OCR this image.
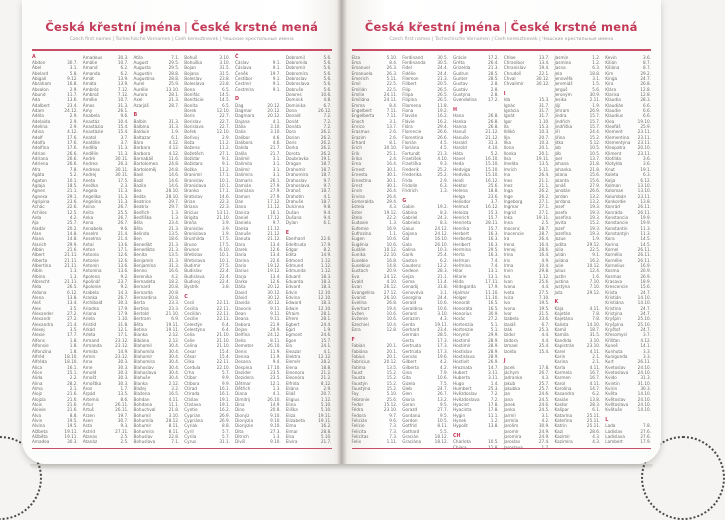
Česká křestní jména | České krstné mená
Czech first names | Tschechische Vornamen | Cseh keresztnevek | Чешские крестильные имена
A
Abdon	30.7.
Ábel	3.1.
Abelard	5.8.
Abigail	9.12.
Abraham	16.8.
Absolon	2.9.
Abund	11.7.
Ada	13.6.
Adalbert	23.4.
Adam	24.12.
Adéla	2.9.
Adelaida	2.9.
Adelína	2.9.
Adina	4.12.
Adolf	17.6.
Adolfa	17.6.
Adolfína	17.6.
Adrian	26.6.
Adriana	26.6.
Adriena	26.6.
Afra	7.8.
Agáta	5.2.
Agaton	10.1.
Aglaja	18.5.
Agnes	21.1.
Agnesa	29.1.
Agripina	23.6.
Achác	22.6.
Achiles	12.5.
Aida	4.2.
Aja	25.7.
Aladár	20.2.
Alan	14.8.
Alana	14.8.
Alarich	29.9.
Albán	21.6.
Albert	21.11.
Alberta	21.11.
Albertína	21.11.
Albín	1.3.
Albína	1.3.
Albrecht	21.11.
Alda	26.5.
Aldona	6.12.
Alena	13.8.
Aleš	13.4.
Alex	3.5.
Alexander	27.2.
Alexandr	27.2.
Alexandra	21.4.
Alexej	3.5.
Alexie	17.7.
Alfons	1.8.
Alfonsie	1.8.
Alfonzína	1.8.
Alfréd	18.10.
Alfréda	18.10.
Alica	16.1.
Alice	15.1.
Alida	2.2.
Alina	28.2.
Alma	2.1.
Alojz	21.6.
Alojzia	21.6.
Alois	21.6.
Aloisie	21.6.
Alva	8.8.
Alvin	19.5.
Alvína	19.5.
Alžbeta	19.11.
Alžběta	19.11.
Amadea	30.3.
Amadeus	30.3.
Amálie	10.7.
Amand	6.2.
Amanda	6.2.
Amát	13.9.
Amáta	13.9.
Ambróz	7.12.
Ambrož	7.12.
Amélie	10.7.
Ámos	31.3.
Amy	26.1.
Anabela	9.6.
Anastáz	10.4.
Anastázia	15.4.
Anastázie	15.4.
Anatol	3.7.
Anatólie	3.7.
Anděla	11.3.
Andělín	11.3.
André	30.11.
Andrea	26.3.
Andreas	30.11.
Andrej	30.11.
Aneta	17.5.
Anežka	2.3.
Angela	11.3.
Angelika	11.3.
Angelina	11.3.
Anina	26.7.
Anita	25.5.
Anka	26.7.
Anna	26.7.
Annabela	9.6.
Anselm	21.4.
Anselma	21.4.
Antal	13.6.
Anton	17.1.
Antonia	12.6.
Antonie	12.6.
Antonín	13.6.
Antonína	13.6.
Apolena	9.2.
Apolinář	23.7.
Apolonie	9.2.
Arabela	14.3.
Aranka	26.7.
Archibald	30.3.
Ariadna	17.9.
Ariana	17.9.
Ariela	1.10.
Aristid	31.8.
Arkád	12.1.
Arleta	17.1.
Armand	23.12.
Armanda	23.12.
Armida	14.9.
Armin	23.12.
Arna	30.3.
Arne	30.3.
Arnold	30.3.
Arnošt	30.3.
Arnoštka	30.3.
Áron	1.7.
Árpád	13.5.
Artemis	8.6.
Artur	26.11.
Artuš	26.11.
Arzen	19.7.
Asen	30.7.
Asta	9.3.
Astrid	27.11.
Atanas	2.5.
Atanáz	2.5.
Atila	7.1.
August	29.5.
Augusta	29.5.
Augustín	28.8.
Augustína	28.8.
Aurel	25.9.
Aurélie	13.10.
Aurora	28.1.
Axel	21.3.
Azarjáš	28.7.
B
Balbín	31.3.
Balbína	31.3.
Balduin	1.9.
Baltazar	6.1.
Bára	4.12.
Barbara	4.12.
Barbora	4.12.
Barnabáš	11.6.
Bartolomea	24.8.
Bartoloměj	24.8.
Basil	14.6.
Bazil	14.6.
Bazila	14.6.
Bea	28.10.
Beáta	28.10.
Beatrice	29.7.
Beatrix	29.7.
Bedřich	1.3.
Bedřiška	1.3.
Béla	23.4.
Běla	21.3.
Belinda	13.5.
Ben	18.6.
Benedikt	21.3.
Benedikta	21.3.
Benita	13.5.
Benjamín	31.3.
Benjamína	31.3.
Benno	16.6.
Berenika	4.2.
Bernadeta	18.2.
Bernard	20.8.
Bernarda	20.8.
Bernardina	20.8.
Berta	23.3.
Bertína	23.3.
Bertold	21.10.
Bertram	6.9.
Běta	19.11.
Betina	19.11.
Bianka	2.12.
Bibiána	2.12.
Blahomil	30.4.
Blahomila	30.4.
Blahomír	30.4.
Blahomíra	30.4.
Blahoslav	30.4.
Blahoslava	30.4.
Blahuše	30.4.
Blanka	2.12.
Blažej	3.2.
Blažena	16.5.
Bohdan	4.11.
Bohdana	11.1.
Bohuchval	21.8.
Bohumil	3.10.
Bohumila	28.12.
Bohumír	8.11.
Bohumíra	8.11.
Bohuslav	22.8.
Bohuslava	7.1.
Bohuš	3.10.
Bohuška	3.10.
Bojan	31.5.
Bojana	31.5.
Boleslav	23.8.
Boleslava	23.8.
Bona	6.5.
Bonifác	14.5.
Bonifácie	14.5.
Bonita	6.5.
Borek	12.10.
Boris	22.7.
Borislav	22.7.
Borislava	22.7.
Bořek	12.10.
Bořivoj	2.9.
Boža	11.2.
Božena	11.2.
Božetěch	27.1.
Božidar	9.1.
Božidara	9.1.
Božka	11.2.
Branimír	17.1.
Branislav	10.1.
Branislava	10.1.
Branko	17.1.
Bratislav	14.6.
Brian	22.3.
Briana	22.3.
Bricius	13.11.
Brigita	21.10.
Broňa	3.9.
Bronislav	3.9.
Bronislava	1.9.
Brunhilda	17.5.
Bruno	17.5.
Brunon	6.10.
Břetislav	10.1.
Břetislava	10.1.
Budimír	27.5.
Budislav	22.4.
Budislava	22.4.
Budivoj	22.4.
Bystrík	3.8.
C
Cecil	22.11.
Cecilia	22.11.
Cecilián	22.11.
Cecílie	22.11.
Celestýn	6.4.
Celestýna	6.4.
Celia	21.10.
Celie	21.10.
Celina	21.10.
Cesar	15.4.
César	15.4.
Cilka	22.11.
Cordula	22.10.
Crha	5.7.
Ctibor	9.9.
Ctibora	9.9.
Ctirad	16.1.
Ctirada	16.1.
Ctislav	19.1.
Ctislava	19.1.
Cyntie	16.2.
Cyprián	26.9.
Cypriána	26.9.
Cyriak	8.8.
Cyril	5.7.
Cyrila	5.7.
Cyrus	31.1.
Č
Čáslav	9.1.
Čáslava	9.1.
Čeněk	19.7.
Čestibor	9.1.
Čestmír	9.1.
Čestmíra	9.1.
D
Dag	20.12.
Dagmar	20.12.
Dagmara	20.12.
Dajana	4.1.
Dália	3.10.
Dalia	3.10.
Dalibor	4.6.
Dalibora	4.6.
Dalida	21.7.
Dalila	21.7.
Dalimil	3.1.
Dalimila	3.1.
Dalimír	3.1.
Dalimíra	3.1.
Damaris	26.1.
Damián	27.9.
Damiána	27.9.
Damon	27.9.
Dan	17.12.
Dana	11.12.
Danica	16.1.
Daniel	17.12.
Daniela	9.7.
Danka	11.12.
Danuše	21.12.
Danuta	21.12.
Dara	13.4.
Darek	12.6.
Daria	13.4.
Darina	22.6.
Dario	19.12.
Darius	19.12.
Darja	13.4.
Darko	12.6.
Dáša	20.12.
David	30.12.
Dávid	30.12.
Davida	30.12.
Davorin	9.11.
Dean	9.11.
Deana	9.11.
Debora	21.9.
Dejan	24.9.
Delfína	24.12.
Delia	8.11.
Demeter	26.10.
Denis	11.9.
Denisa	11.9.
Desana	9.4.
Despina	17.10.
Dezider	23.5.
Dezidera	23.5.
Dětmar	12.1.
Dětřich	1.3.
Diana	4.1.
Dimitrij	26.10.
Dina	14.9.
Dino	20.8.
Dionýz	9.10.
Dionýzia	9.10.
Dionýzie	9.10.
Dita	27.3.
Ditrich	1.3.
Diviš	9.10.
Dobromil	5.6.
Dobromila	5.6.
Dobromír	5.6.
Dobromíra	5.6.
Dobroslav	5.6.
Dobroslava	5.6.
Dobruše	5.6.
Dolores	10.6.
Dominik	4.8.
Dominika	6.7.
Dona	26.12.
Donald	7.2.
Donát	7.2.
Donáta	7.2.
Dora	26.2.
Dorian	26.2.
Doris	26.2.
Dorka	26.2.
Dorota	26.2.
Doubravka	19.1.
Dragan	18.7.
Drahomír	18.7.
Drahomíra	18.7.
Drahoslav	9.7.
Drahoslava	9.7.
Drahoš	18.7.
Drahotín	4.1.
Drahuše	18.7.
Dulcinea	9.8.
Dušan	9.4.
Dušana	9.4.
Dylan	6.1.
E
Eberhard	22.6.
Edeltruda	17.9.
Edgar	8.2.
Edita	14.9.
Edmond	1.12.
Edmund	1.12.
Edmunda	1.12.
Eduard	18.3.
Eduarda	18.3.
Edvard	18.3.
Edvin	12.10.
Edvína	12.10.
Edward	18.3.
Edwin	12.10.
Efraim	28.1.
Efrem	28.1.
Egbert	24.4.
Egid	1.9.
Egmont	24.6.
Egon	15.7.
Ela	24.1.
Eleazar	4.1.
Elektra	12.12.
Elemér	28.2.
Elena	18.8.
Eleonora	21.2.
Eleonóra	21.2.
Elfrída	8.12.
Eliána	2.9.
Eliáš	20.7.
Eligius	1.12.
Elina	5.10.
Eliška	5.10.
Eliza	19.11.
Elizabeta	19.11.
Elma	16.2.
Elmar	28.8.
Elsa	5.10.
Elvíra	21.7.
Česká křestní jména | České krstné mená
Czech first names | Tschechische Vornamen | Cseh keresztnevek | Чешские крестильные имена
Elza	5.10.
Ema	8.4.
Emanuel	26.3.
Emanuela	26.3.
Emerich	5.11.
Emil	22.5.
Emilián	22.5.
Emílie	24.11.
Emiliána	24.11.
Emma	8.4.
Engelbert	7.11.
Engelberta	7.11.
Enoch	3.1.
Enrico	13.7.
Erasmus	2.6.
Erazim	2.6.
Erhard	8.1.
Erich	30.10.
Erik	25.1.
Erika	2.4.
Erna	16.4.
Ernest	30.1.
Ernesta	30.1.
Ernestína	30.1.
Ernst	30.1.
Ervín	26.4.
Ervína	26.4.
Esmeralda	29.4.
Estela	4.3.
Ester	19.12.
Etela	22.2.
Eudoxie	1.3.
Eufemie	16.9.
Eufrozína	1.1.
Eugen	10.6.
Eugénia	10.6.
Eulálie	10.12.
Eunika	22.10.
Eusebie	16.8.
Eusebius	14.8.
Eustach	20.9.
Eva	24.12.
Evald	4.10.
Evan	26.12.
Evangelína 27.12.
Evarist	26.10.
Evelína	26.8.
Everhart	19.4.
Evžen	10.6.
Evženie	10.6.
Ezechiel	10.4.
Ezra	12.8.
F
Fabián	20.1.
Fabiána	20.1.
Fabius	20.1.
Fabrícius	20.12.
Fatima	13.5.
Faust	15.2.
Fausta	15.2.
Faustýn	15.2.
Faustýna	15.2.
Fay	5.10.
Febronie	25.6.
Fedor	15.12.
Fédra	23.10.
Fedora	9.7.
Felicián	9.6.
Felície	7.3.
Felicita	7.3.
Felicitas	7.3.
Felix	1.11.
Ferdinand	30.5.
Ferdinanda	30.5.
Fidel	24.4.
Fidélie	24.4.
Filemon	21.3.
Filibert	20.5.
Filip	26.5.
Filipa	26.5.
Filipína	26.5.
Filomena	11.8.
Fiona	19.2.
Flavián	16.2.
Flávie	16.2.
Flóra	29.4.
Florencie	26.6.
Florentina	26.6.
Florián	4.5.
Floriána	4.5.
Fortunát	21.3.
František	4.10.
Františka	9.3.
Frederik	25.2.
Frederika	25.2.
Frída	2.9.
Fridolín	6.3.
Fridrich	1.3.
G
Gabin	19.2.
Gábina	8.3.
Gabriel	24.3.
Gabriela	8.3.
Gaius	24.12.
Gajana	24.12.
Gál	16.10.
Gala	26.10.
Galina	10.3.
Garik	25.4.
Gaston	6.2.
Gaudenc	12.2.
Gedeon	28.3.
Gejza	21.1.
Gema	11.4.
Genadij	31.8.
Genovéva	3.1.
Georgína	24.4.
Gerald	10.6.
Geraldina	10.6.
Gerard	3.10.
Gerazim	4.3.
Gerda	19.11.
Gerhard	23.4.
Germán	28.5.
Gerta	17.3.
Gertruda	17.3.
Gertrúda	17.3.
Gervás	19.6.
Gilbert	4.2.
Gilberta	4.2.
Gina	7.9.
Gita	10.6.
Gizela	7.5.
Gleb	24.7.
Glen	26.7.
Gloria	13.2.
Goran	9.5.
Gorazd	27.7.
Gordana	9.5.
Gordon	10.5.
Gotfrid	8.11.
Gothard	5.5.
Gracián	18.12.
Graciána	18.12.
Grácie	17.2.
Gréta	26.4.
Grizelda	21.3.
Gudrun	28.5.
Gunter	28.5.
Gustav	2.8.
Gustáv	2.8.
Gustýna	2.8.
Gvendolína	17.2.
H
Hana	26.8.
Hanka	26.8.
Hanna	26.8.
Hanuš	21.12.
Hanuše	21.12.
Harald	31.3.
Harold	4.10.
Háta	5.2.
Havel	16.10.
Heda	15.10.
Hedviga	15.10.
Hedvika	15.10.
Heidi	16.12.
Hektor	25.6.
Helena	18.8.
Helga	23.6.
Heliodor	3.7.
Helmut	16.12.
Heloiza	15.3.
Henrich	15.7.
Henrieta	28.11.
Henrika	15.7.
Herbert	16.3.
Herberta	16.3.
Heribert	16.3.
Hermína	29.5.
Herta	16.3.
Heřman	7.4.
Heřmína	7.4.
Hilar	13.1.
Hilarie	13.1.
Hilda	17.11.
Hildegarda	17.9.
Hjalmar	11.10.
Holger	11.10.
Honorát	16.5.
Honoráta	16.5.
Honorius	30.9.
Horác	27.2.
Hortenzia	5.1.
Hortenzie	5.1.
Horymír	29.9.
Hostimil	28.9.
Hostimír	28.9.
Hostislav	28.9.
Hostislava	28.9.
Hostivít	26.9.
Hroznata	14.7.
Hubert	3.11.
Huberta	3.11.
Hugo	1.4.
Humbert	25.3.
Hvězdoslav	7.2.
Hvězdoslava	7.2.
Hyacint	17.8.
Hyacinta	17.8.
Hygin	11.1.
Hynek	1.2.
Hypolit	13.8.
CH
Charlota	10.5.
Chloe	13.7.
Chranibor	13.4.
Chranislav	19.4.
Chrudoš	22.1.
Chval	30.12.
Chvalimír	30.12.
I
Ida	15.3.
Ignác	31.7.
Ignácia	31.7.
Ignát	31.7.
Igor	1.10.
Ila	15.3.
Ildikó	10.3.
Ilja	20.7.
Ilka	10.3.
Ilona	20.1.
Ilonka	20.1.
Ilsa	19.11.
Imelda	13.5.
Imrich	5.11.
Ina	26.4.
Ines	21.1.
Inez	21.1.
Inga	26.2.
Inge	26.2.
Ingeborg	27.1.
Ingmar	27.1.
Ingrid	27.1.
Inka	19.11.
Inna	2.5.
Inocenc	28.7.
Inocencie	28.7.
Ira	26.4.
Irena	16.4.
Irenej	28.6.
Irina	16.4.
Iris	4.9.
Irma	10.4.
Irvin	29.8.
Iva	1.12.
Ivan	25.6.
Ivana	4.4.
Iveta	27.5.
Ivica	7.10.
Ivo	19.5.
Ivona	19.5.
Ivor	21.5.
Izabela	23.6.
Izaiáš	6.7.
Izák	25.3.
Izidor	4.4.
Izidora	4.4.
Izmael	25.4.
Izolda	15.4.
J
Jacek	17.8.
Jáchym	26.7.
Jadranka	4.3.
Jakub	25.7.
Jakubka	25.7.
Jan	24.6.
Jana	24.5.
Janek	24.6.
Janka	24.5.
Jarmil	3.1.
Jarmila	4.2.
Jarolím	30.9.
Jaromír	24.9.
Jaromíra	24.9.
Jaroslav	27.4.
Jasmin	1.2.
Jasmína	1.2.
Jasna	6.3.
Jela	18.8.
Jenovéfa	3.1.
Jeremiáš	1.5.
Jerguš	5.6.
Jeroným	30.9.
Jesika	2.11.
Jiljí	1.9.
Jimram	26.9.
Jindra	15.7.
Jindřich	15.7.
Jindřiška	15.7.
Jiří	24.4.
Jiřina	15.2.
Jitka	5.12.
Job	10.5.
Jób	10.5.
Joel	13.7.
Johana	21.8.
Johanka	21.8.
Jolana	15.6.
Jolanta	15.6.
Jonáš	27.9.
Jonatán	26.6.
Jordan	13.2.
Jordana	13.2.
Josef	19.3.
Josefa	19.3.
Josefína	19.3.
Jovita	15.2.
Jozef	19.3.
Jozefína	19.3.
Jozue	1.9.
Judita	29.12.
Júlia	22.5.
Julián	9.1.
Juliána	16.2.
Julie	10.12.
Julius	12.4.
Justin	1.6.
Justina	7.10.
Justýna	7.10.
Juta	29.12.
K
Kája	4.11.
Kajetán	7.8.
Kajetána	7.8.
Kalista	14.10.
Kamil	18.7.
Kamila	31.5.
Kandida	3.10.
Kapistrán	23.10.
Karel	4.11.
Karin	2.1.
Karina	2.1.
Karla	4.11.
Karmela	16.7.
Karmen	16.7.
Karol	4.11.
Karolína	14.7.
Kasandra	6.2.
Kasián	13.8.
Kastor	28.3.
Kašpar	6.1.
Katarína	25.11.
Kateřina	25.11.
Katrin	25.11.
Kazi	28.6.
Kazimír	4.3.
Kazimíra	4.3.
Kevin	3.6.
Kilián	8.7.
Kiliána	8.7.
Kim	29.2.
Kinga	24.7.
Kira	26.8.
Klára	12.8.
Klarisa	12.8.
Klaudia	28.3.
Klaudián	6.6.
Klaudie	6.6.
Klaudius	6.6.
Klea	19.10.
Kleofáš	25.9.
Klement	23.11.
Klementina 23.11.
Klementýna 23.11.
Kleopatra	20.10.
Kliment	23.11.
Klotilda	3.6.
Klotylda	3.6.
Knut	19.1.
Koleta	6.3.
Kolja	6.12.
Kolman	13.10.
Koloman	13.10.
Kolumbán	23.11.
Konkordie	13.8.
Konrád	26.11.
Konráda	26.11.
Konstancia	19.9.
Konstancie	19.9.
Konstantin	11.3.
Konstantýn	11.3.
Kora	14.5.
Korina	14.5.
Kornel	26.11.
Kornélia	26.11.
Kornélie	26.11.
Kornelius	16.9.
Kosma	26.9.
Kosmas	26.9.
Krasava	18.9.
Krescencie	15.6.
Krista	24.7.
Kristián	14.10.
Kristiána	14.10.
Kristína	24.7.
Kristýna	24.7.
Kryšpín	25.10.
Kryšpína	25.10.
Kryštof	24.7.
Křesomysl	3.7.
Křišťan	4.12.
Kuneš	14.1.
Kunhuta	3.3.
Kunigunda	3.3.
Kurt	26.11.
Kvetoslav	24.10.
Kvetoslava 24.10.
Kvido	31.3.
Kvintin	31.10.
Kvirin	30.3.
Květa	14.10.
Květoslav	24.10.
Květoslava 24.10.
Květuše	14.10.
L
Lada	7.8.
Ladislav	27.6.
Ladislava	27.6.
Lambert	17.9.
